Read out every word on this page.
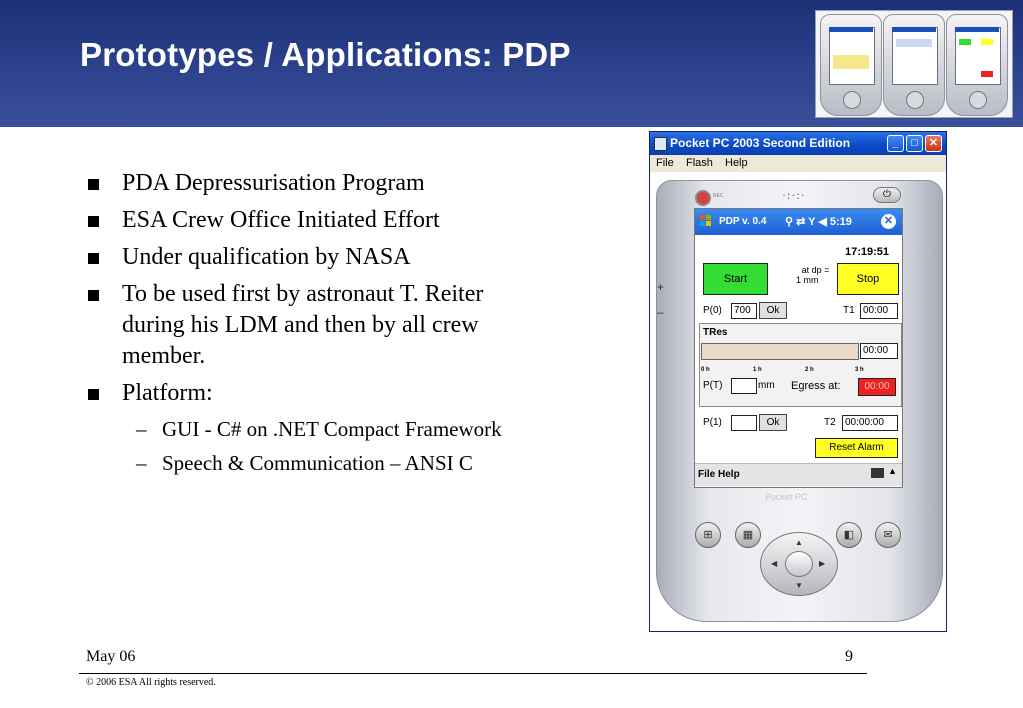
Prototypes / Applications: PDP
PDA Depressurisation Program
ESA Crew Office Initiated Effort
Under qualification by NASA
To be used first by astronaut T. Reiter during his LDM and then by all crew member.
Platform:
– GUI - C# on .NET Compact Framework
– Speech & Communication – ANSI C
May 06	9
© 2006 ESA All rights reserved.
Pocket PC 2003 Second Edition	_	□	✕
File Flash Help
REC	·:·:·	⏻
+
–
PDP v. 0.4 ⚲ ⇄ Y ◀ 5:19	✕
17:19:51
Start
at dp =
1 mm	Stop
P(0)	700	Ok	T1 00:00
TRes
00:00
0 h	1 h	2 h	3 h
P(T)	mm Egress at:	00:00
P(1)	Ok	T2 00:00:00
Reset Alarm
File Help	▲
Pocket PC
⊞	▦	◧	✉
▲
▼
◀	▶
